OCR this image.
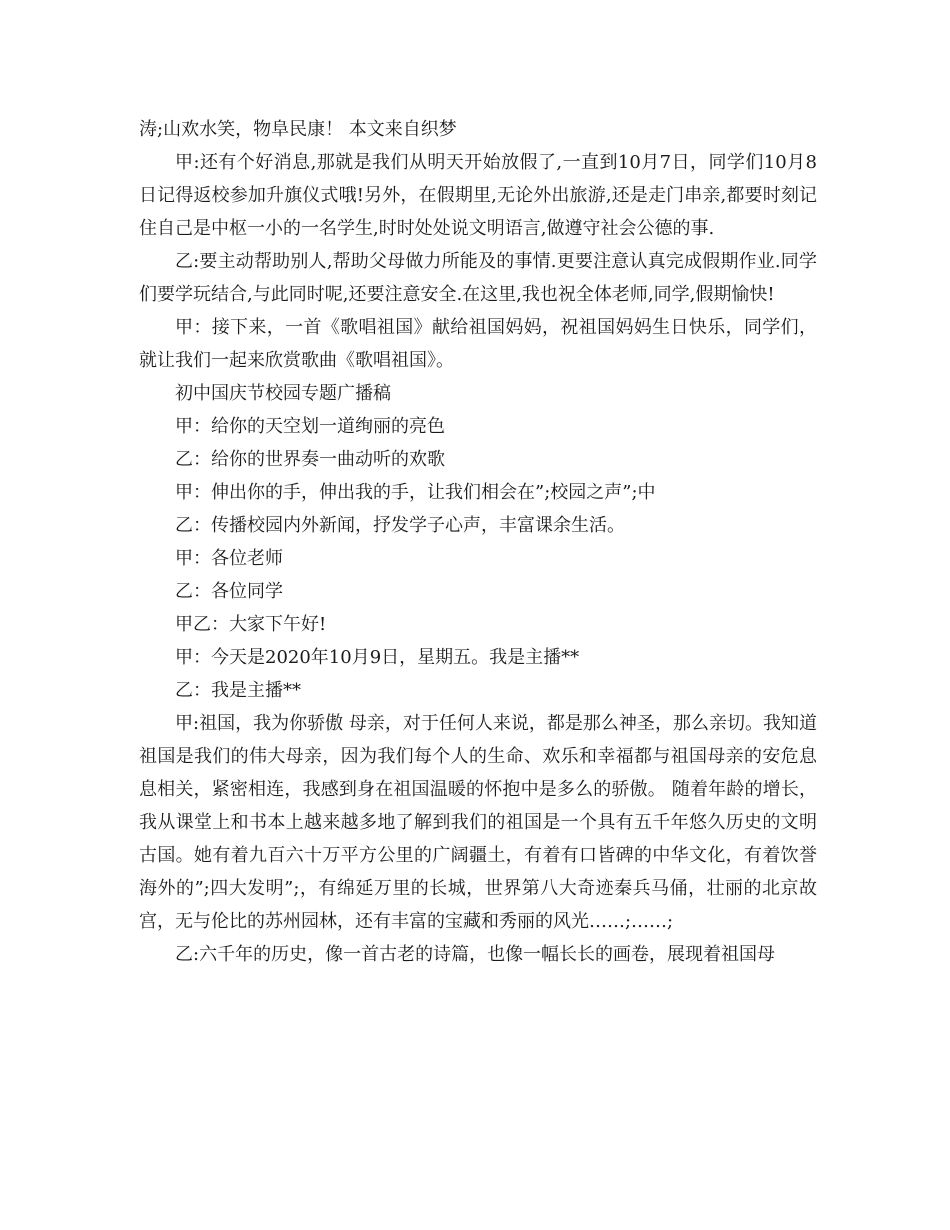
涛;山欢水笑，物阜民康！ 本文来自织梦

甲:还有个好消息,那就是我们从明天开始放假了,一直到10月7日，同学们10月8日记得返校参加升旗仪式哦!另外，在假期里,无论外出旅游,还是走门串亲,都要时刻记住自己是中枢一小的一名学生,时时处处说文明语言,做遵守社会公德的事.

乙:要主动帮助别人,帮助父母做力所能及的事情.更要注意认真完成假期作业.同学们要学玩结合,与此同时呢,还要注意安全.在这里,我也祝全体老师,同学,假期愉快!

甲：接下来，一首《歌唱祖国》献给祖国妈妈，祝祖国妈妈生日快乐，同学们，就让我们一起来欣赏歌曲《歌唱祖国》。

初中国庆节校园专题广播稿

甲：给你的天空划一道绚丽的亮色

乙：给你的世界奏一曲动听的欢歌

甲：伸出你的手，伸出我的手，让我们相会在”;校园之声”;中

乙：传播校园内外新闻，抒发学子心声，丰富课余生活。

甲：各位老师

乙：各位同学

甲乙：大家下午好!

甲：今天是2020年10月9日，星期五。我是主播**

乙：我是主播**

甲:祖国，我为你骄傲 母亲，对于任何人来说，都是那么神圣，那么亲切。我知道祖国是我们的伟大母亲，因为我们每个人的生命、欢乐和幸福都与祖国母亲的安危息息相关，紧密相连，我感到身在祖国温暖的怀抱中是多么的骄傲。 随着年龄的增长，我从课堂上和书本上越来越多地了解到我们的祖国是一个具有五千年悠久历史的文明古国。她有着九百六十万平方公里的广阔疆土，有着有口皆碑的中华文化，有着饮誉海外的”;四大发明”;，有绵延万里的长城，世界第八大奇迹秦兵马俑，壮丽的北京故宫，无与伦比的苏州园林，还有丰富的宝藏和秀丽的风光……;……;

乙:六千年的历史，像一首古老的诗篇，也像一幅长长的画卷，展现着祖国母
